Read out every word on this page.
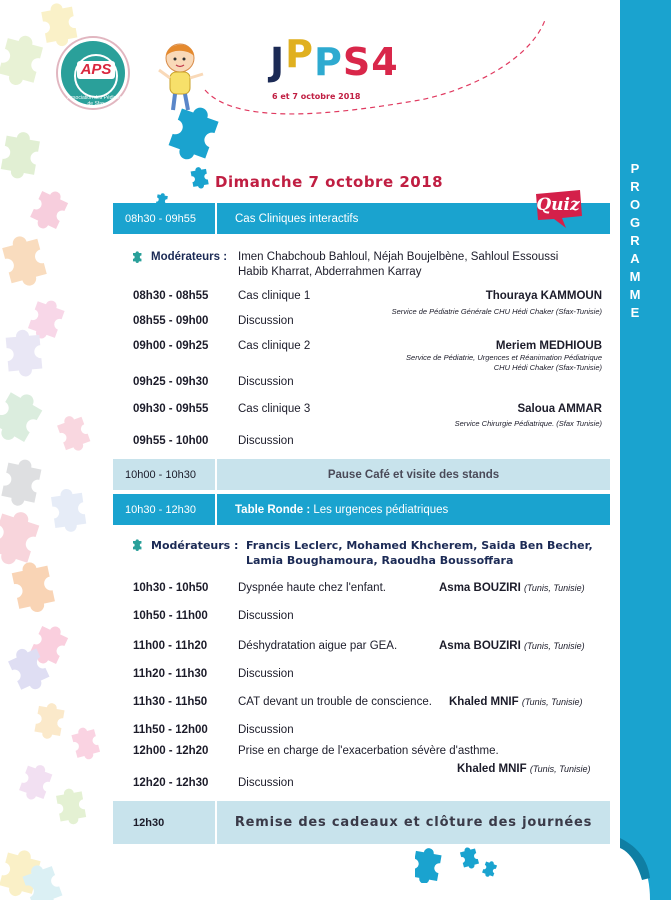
APS
Association des Pédiatres de Sfax
JPPS4
6 et 7 octobre 2018
Dimanche 7 octobre 2018
P
R
O
G
R
A
M
M
E
08h30 - 09h55	Cas Cliniques interactifs
Modérateurs : Imen Chabchoub Bahloul, Néjah Boujelbène, Sahloul Essoussi
Habib Kharrat, Abderrahmen Karray
08h30 - 08h55	Cas clinique 1	Thouraya KAMMOUN
Service de Pédiatrie Générale CHU Hédi Chaker (Sfax-Tunisie)
08h55 - 09h00	Discussion
09h00 - 09h25	Cas clinique 2	Meriem MEDHIOUB
Service de Pédiatrie, Urgences et Réanimation Pédiatrique
CHU Hédi Chaker (Sfax-Tunisie)
09h25 - 09h30	Discussion
09h30 - 09h55	Cas clinique 3	Saloua AMMAR
Service Chirurgie Pédiatrique. (Sfax Tunisie)
09h55 - 10h00	Discussion
10h00 - 10h30	Pause Café et visite des stands
10h30 - 12h30	Table Ronde : Les urgences pédiatriques
Modérateurs : Francis Leclerc, Mohamed Khcherem, Saida Ben Becher,
Lamia Boughamoura, Raoudha Boussoffara
10h30 - 10h50	Dyspnée haute chez l'enfant.	Asma BOUZIRI (Tunis, Tunisie)
10h50 - 11h00	Discussion
11h00 - 11h20	Déshydratation aigue par GEA.	Asma BOUZIRI (Tunis, Tunisie)
11h20 - 11h30	Discussion
11h30 - 11h50	CAT devant un trouble de conscience. Khaled MNIF (Tunis, Tunisie)
11h50 - 12h00	Discussion
12h00 - 12h20	Prise en charge de l'exacerbation sévère d'asthme.
Khaled MNIF (Tunis, Tunisie)
12h20 - 12h30	Discussion
12h30	Remise des cadeaux et clôture des journées
Quiz
